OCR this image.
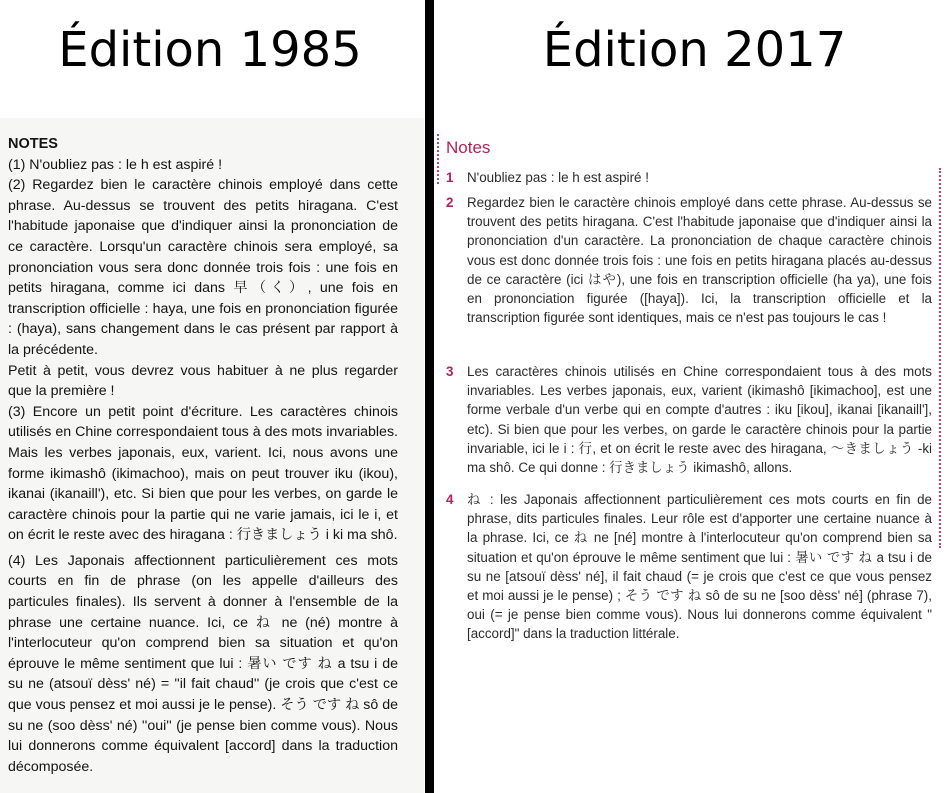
Édition 1985	Édition 2017

NOTES

(1) N'oubliez pas : le h est aspiré !

(2) Regardez bien le caractère chinois employé dans cette phrase. Au-dessus se trouvent des petits hiragana. C'est l'habitude japonaise que d'indiquer ainsi la prononciation de ce caractère. Lorsqu'un caractère chinois sera employé, sa prononciation vous sera donc donnée trois fois : une fois en petits hiragana, comme ici dans 早（く）, une fois en transcription officielle : haya, une fois en prononciation figurée : (haya), sans changement dans le cas présent par rapport à la précédente.

Petit à petit, vous devrez vous habituer à ne plus regarder que la première !

(3) Encore un petit point d'écriture. Les caractères chinois utilisés en Chine correspondaient tous à des mots invariables. Mais les verbes japonais, eux, varient. Ici, nous avons une forme ikimashô (ikimachoo), mais on peut trouver iku (ikou), ikanai (ikanaill'), etc. Si bien que pour les verbes, on garde le caractère chinois pour la partie qui ne varie jamais, ici le i, et on écrit le reste avec des hiragana : 行きましょう i ki ma shô.

(4) Les Japonais affectionnent particulièrement ces mots courts en fin de phrase (on les appelle d'ailleurs des particules finales). Ils servent à donner à l'ensemble de la phrase une certaine nuance. Ici, ce ね ne (né) montre à l'interlocuteur qu'on comprend bien sa situation et qu'on éprouve le même sentiment que lui : 暑い です ね a tsu i de su ne (atsouï dèss' né) = ''il fait chaud'' (je crois que c'est ce que vous pensez et moi aussi je le pense). そう です ね sô de su ne (soo dèss' né) ''oui'' (je pense bien comme vous). Nous lui donnerons comme équivalent [accord] dans la traduction décomposée.

Notes
1	N'oubliez pas : le h est aspiré !
2	Regardez bien le caractère chinois employé dans cette phrase. Au-dessus se trouvent des petits hiragana. C'est l'habitude japonaise que d'indiquer ainsi la prononciation d'un caractère. La prononciation de chaque caractère chinois vous est donc donnée trois fois : une fois en petits hiragana placés au-dessus de ce caractère (ici はや), une fois en transcription officielle (ha ya), une fois en prononciation figurée ([haya]). Ici, la transcription officielle et la transcription figurée sont identiques, mais ce n'est pas toujours le cas !
3	Les caractères chinois utilisés en Chine correspondaient tous à des mots invariables. Les verbes japonais, eux, varient (ikimashô [ikimachoo], est une forme verbale d'un verbe qui en compte d'autres : iku [ikou], ikanai [ikanaill'], etc). Si bien que pour les verbes, on garde le caractère chinois pour la partie invariable, ici le i : 行, et on écrit le reste avec des hiragana, ～きましょう -ki ma shô. Ce qui donne : 行きましょう ikimashô, allons.
4	ね : les Japonais affectionnent particulièrement ces mots courts en fin de phrase, dits particules finales. Leur rôle est d'apporter une certaine nuance à la phrase. Ici, ce ね ne [né] montre à l'interlocuteur qu'on comprend bien sa situation et qu'on éprouve le même sentiment que lui : 暑い です ね a tsu i de su ne [atsouï dèss' né], il fait chaud (= je crois que c'est ce que vous pensez et moi aussi je le pense) ; そう です ね sô de su ne [soo dèss' né] (phrase 7), oui (= je pense bien comme vous). Nous lui donnerons comme équivalent "[accord]" dans la traduction littérale.
